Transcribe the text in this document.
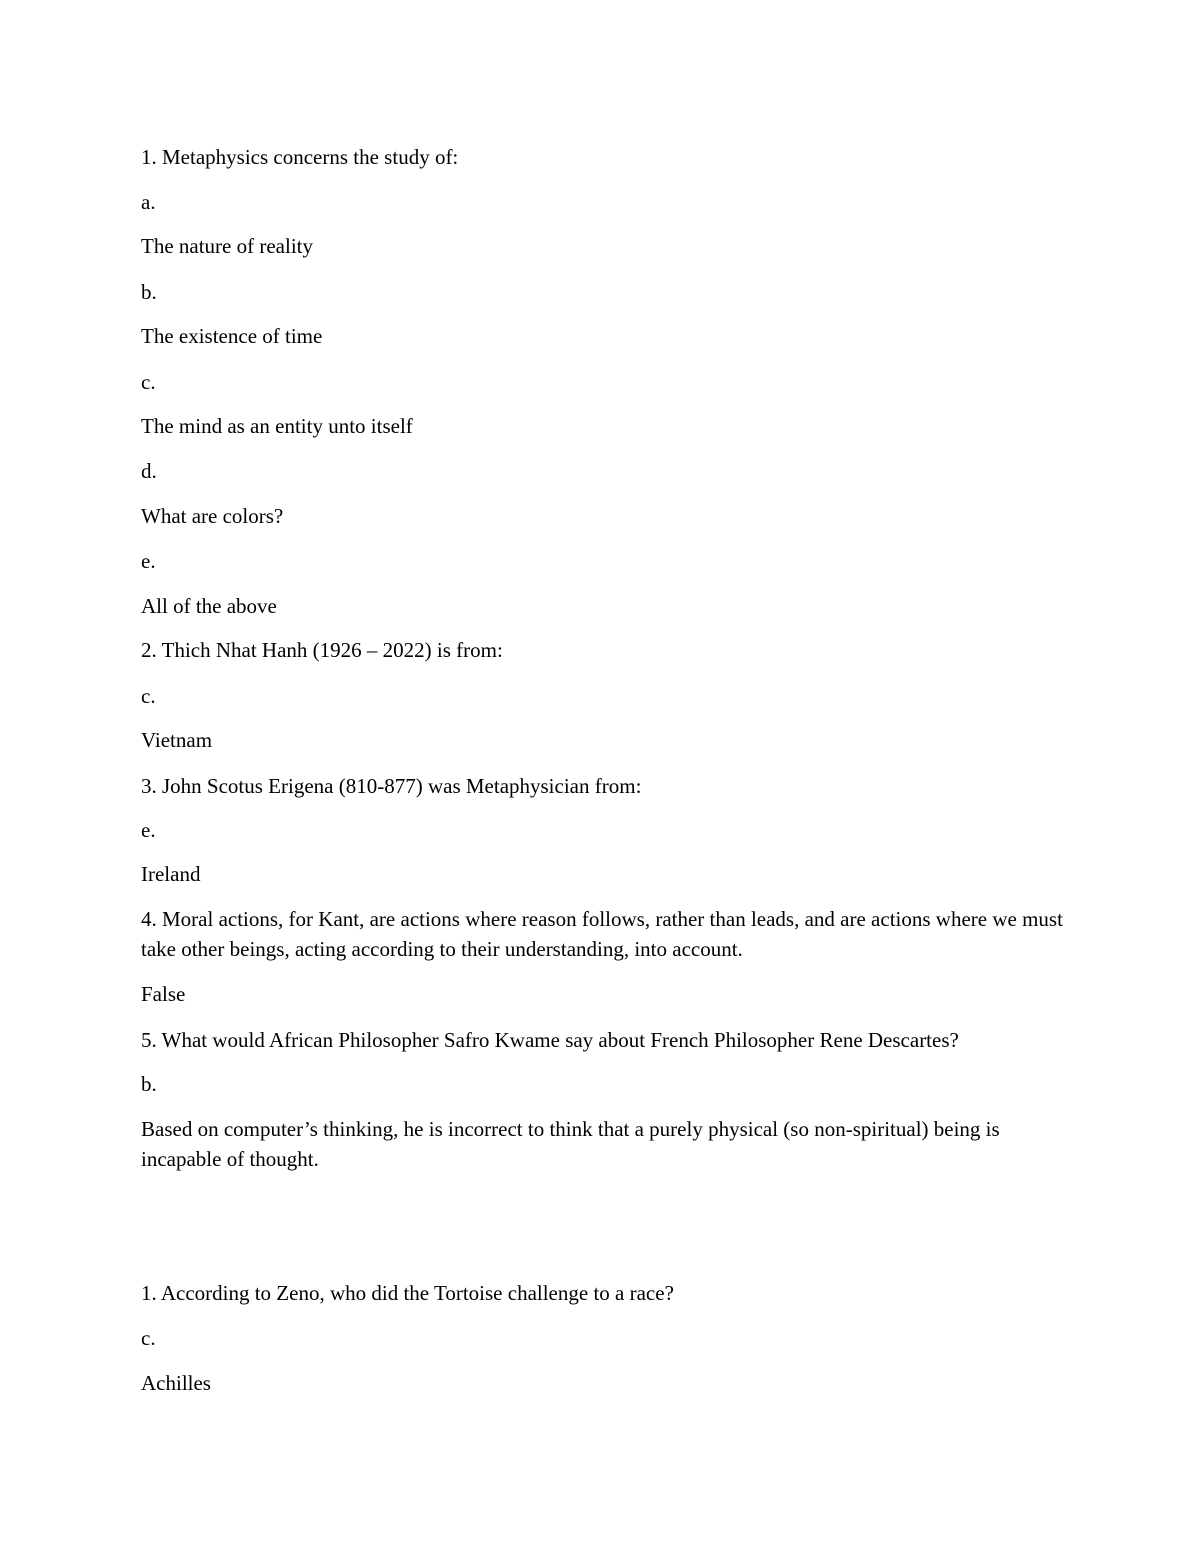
1. Metaphysics concerns the study of:

a.

The nature of reality

b.

The existence of time

c.

The mind as an entity unto itself

d.

What are colors?

e.

All of the above

2. Thich Nhat Hanh (1926 – 2022) is from:

c.

Vietnam

3. John Scotus Erigena (810-877) was Metaphysician from:

e.

Ireland

4. Moral actions, for Kant, are actions where reason follows, rather than leads, and are actions where we must take other beings, acting according to their understanding, into account.

False

5. What would African Philosopher Safro Kwame say about French Philosopher Rene Descartes?

b.

Based on computer’s thinking, he is incorrect to think that a purely physical (so non-spiritual) being is incapable of thought.

1. According to Zeno, who did the Tortoise challenge to a race?

c.

Achilles
